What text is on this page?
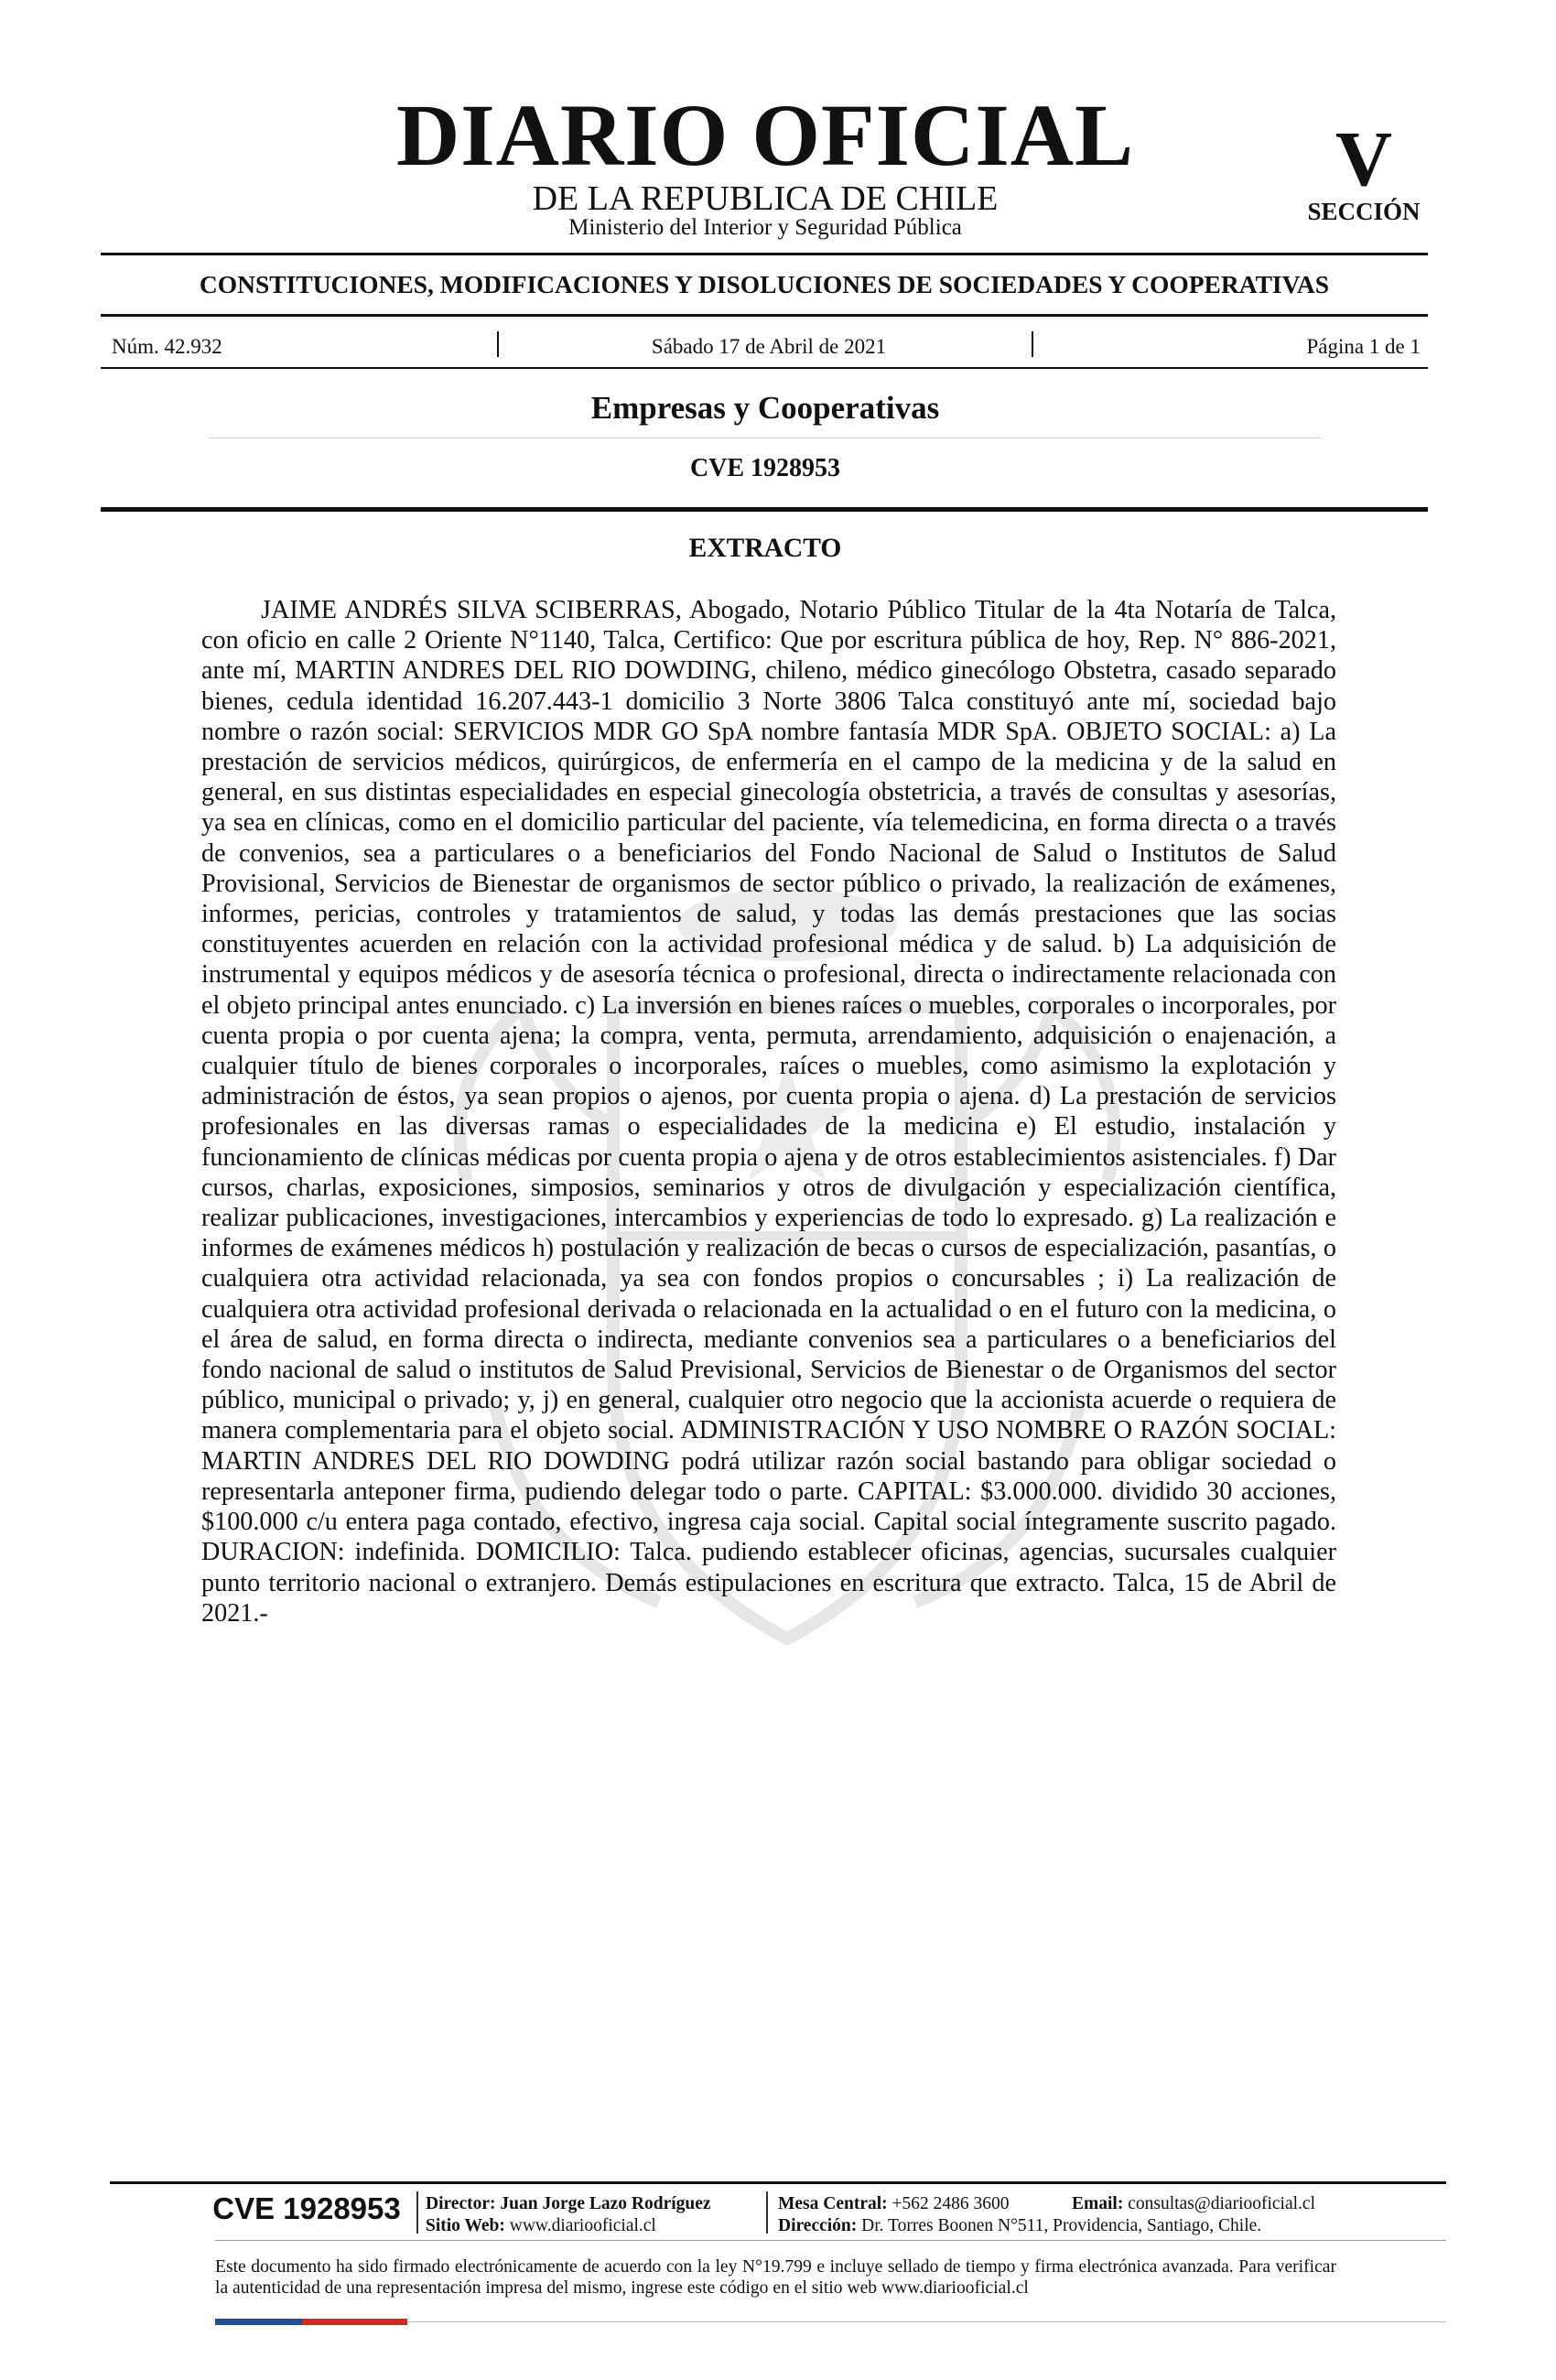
DIARIO OFICIAL
DE LA REPUBLICA DE CHILE
Ministerio del Interior y Seguridad Pública
V
SECCIÓN
CONSTITUCIONES, MODIFICACIONES Y DISOLUCIONES DE SOCIEDADES Y COOPERATIVAS
Núm. 42.932	Sábado 17 de Abril de 2021	Página 1 de 1
Empresas y Cooperativas
CVE 1928953
EXTRACTO
JAIME ANDRÉS SILVA SCIBERRAS, Abogado, Notario Público Titular de la 4ta Notaría de Talca, con oficio en calle 2 Oriente N°1140, Talca, Certifico: Que por escritura pública de hoy, Rep. N° 886-2021, ante mí, MARTIN ANDRES DEL RIO DOWDING, chileno, médico ginecólogo Obstetra, casado separado bienes, cedula identidad 16.207.443-1 domicilio 3 Norte 3806 Talca constituyó ante mí, sociedad bajo nombre o razón social: SERVICIOS MDR GO SpA nombre fantasía MDR SpA. OBJETO SOCIAL: a) La prestación de servicios médicos, quirúrgicos, de enfermería en el campo de la medicina y de la salud en general, en sus distintas especialidades en especial ginecología obstetricia, a través de consultas y asesorías, ya sea en clínicas, como en el domicilio particular del paciente, vía telemedicina, en forma directa o a través de convenios, sea a particulares o a beneficiarios del Fondo Nacional de Salud o Institutos de Salud Provisional, Servicios de Bienestar de organismos de sector público o privado, la realización de exámenes, informes, pericias, controles y tratamientos de salud, y todas las demás prestaciones que las socias constituyentes acuerden en relación con la actividad profesional médica y de salud. b) La adquisición de instrumental y equipos médicos y de asesoría técnica o profesional, directa o indirectamente relacionada con el objeto principal antes enunciado. c) La inversión en bienes raíces o muebles, corporales o incorporales, por cuenta propia o por cuenta ajena; la compra, venta, permuta, arrendamiento, adquisición o enajenación, a cualquier título de bienes corporales o incorporales, raíces o muebles, como asimismo la explotación y administración de éstos, ya sean propios o ajenos, por cuenta propia o ajena. d) La prestación de servicios profesionales en las diversas ramas o especialidades de la medicina e) El estudio, instalación y funcionamiento de clínicas médicas por cuenta propia o ajena y de otros establecimientos asistenciales. f) Dar cursos, charlas, exposiciones, simposios, seminarios y otros de divulgación y especialización científica, realizar publicaciones, investigaciones, intercambios y experiencias de todo lo expresado. g) La realización e informes de exámenes médicos h) postulación y realización de becas o cursos de especialización, pasantías, o cualquiera otra actividad relacionada, ya sea con fondos propios o concursables ; i) La realización de cualquiera otra actividad profesional derivada o relacionada en la actualidad o en el futuro con la medicina, o el área de salud, en forma directa o indirecta, mediante convenios sea a particulares o a beneficiarios del fondo nacional de salud o institutos de Salud Previsional, Servicios de Bienestar o de Organismos del sector público, municipal o privado; y, j) en general, cualquier otro negocio que la accionista acuerde o requiera de manera complementaria para el objeto social. ADMINISTRACIÓN Y USO NOMBRE O RAZÓN SOCIAL: MARTIN ANDRES DEL RIO DOWDING podrá utilizar razón social bastando para obligar sociedad o representarla anteponer firma, pudiendo delegar todo o parte. CAPITAL: $3.000.000. dividido 30 acciones, $100.000 c/u entera paga contado, efectivo, ingresa caja social. Capital social íntegramente suscrito pagado. DURACION: indefinida. DOMICILIO: Talca. pudiendo establecer oficinas, agencias, sucursales cualquier punto territorio nacional o extranjero. Demás estipulaciones en escritura que extracto. Talca, 15 de Abril de 2021.-
CVE 1928953	Director: Juan Jorge Lazo Rodríguez
Sitio Web: www.diariooficial.cl
Mesa Central: +562 2486 3600	Email: consultas@diariooficial.cl
Dirección: Dr. Torres Boonen N°511, Providencia, Santiago, Chile.
Este documento ha sido firmado electrónicamente de acuerdo con la ley N°19.799 e incluye sellado de tiempo y firma electrónica avanzada. Para verificar la autenticidad de una representación impresa del mismo, ingrese este código en el sitio web www.diariooficial.cl
